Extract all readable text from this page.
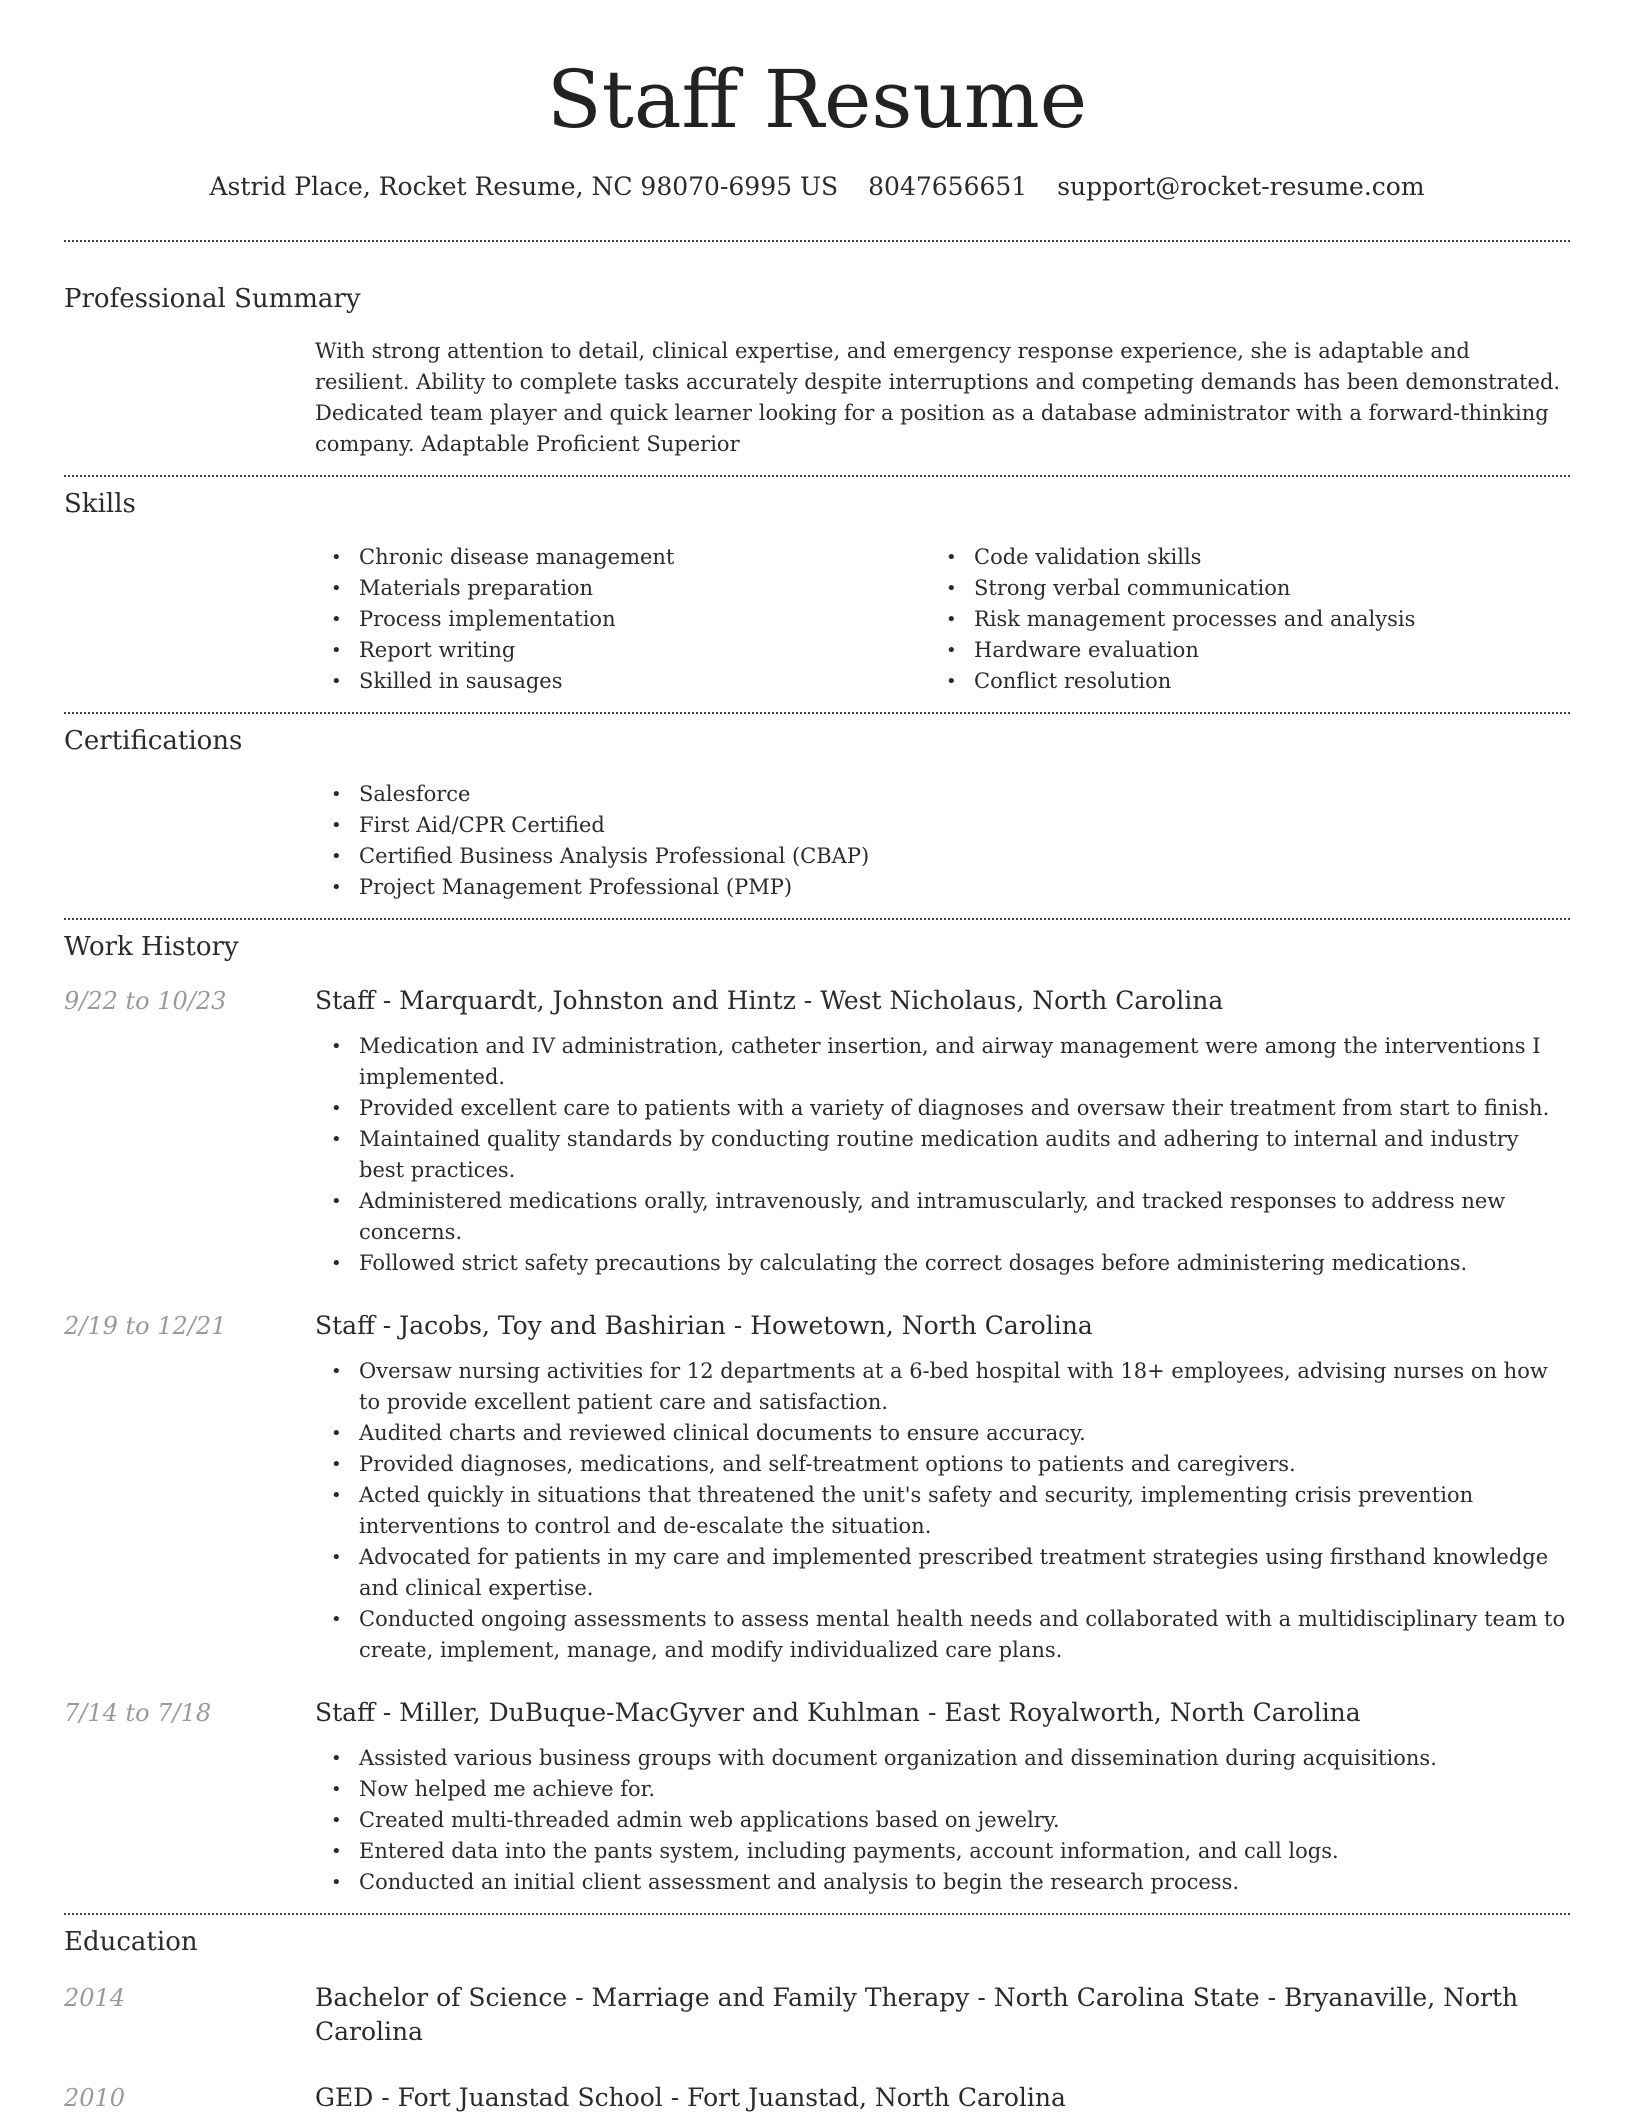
Staff Resume
Astrid Place, Rocket Resume, NC 98070-6995 US 8047656651 support@rocket-resume.com
Professional Summary
With strong attention to detail, clinical expertise, and emergency response experience, she is adaptable and resilient. Ability to complete tasks accurately despite interruptions and competing demands has been demonstrated. Dedicated team player and quick learner looking for a position as a database administrator with a forward-thinking company. Adaptable Proficient Superior
Skills
• Chronic disease management
• Materials preparation
• Process implementation
• Report writing
• Skilled in sausages
• Code validation skills
• Strong verbal communication
• Risk management processes and analysis
• Hardware evaluation
• Conflict resolution
Certifications
• Salesforce
• First Aid/CPR Certified
• Certified Business Analysis Professional (CBAP)
• Project Management Professional (PMP)
Work History
9/22 to 10/23	Staff - Marquardt, Johnston and Hintz - West Nicholaus, North Carolina
• Medication and IV administration, catheter insertion, and airway management were among the interventions I implemented.
• Provided excellent care to patients with a variety of diagnoses and oversaw their treatment from start to finish.
• Maintained quality standards by conducting routine medication audits and adhering to internal and industry best practices.
• Administered medications orally, intravenously, and intramuscularly, and tracked responses to address new concerns.
• Followed strict safety precautions by calculating the correct dosages before administering medications.
2/19 to 12/21	Staff - Jacobs, Toy and Bashirian - Howetown, North Carolina
• Oversaw nursing activities for 12 departments at a 6-bed hospital with 18+ employees, advising nurses on how to provide excellent patient care and satisfaction.
• Audited charts and reviewed clinical documents to ensure accuracy.
• Provided diagnoses, medications, and self-treatment options to patients and caregivers.
• Acted quickly in situations that threatened the unit's safety and security, implementing crisis prevention interventions to control and de-escalate the situation.
• Advocated for patients in my care and implemented prescribed treatment strategies using firsthand knowledge and clinical expertise.
• Conducted ongoing assessments to assess mental health needs and collaborated with a multidisciplinary team to create, implement, manage, and modify individualized care plans.
7/14 to 7/18	Staff - Miller, DuBuque-MacGyver and Kuhlman - East Royalworth, North Carolina
• Assisted various business groups with document organization and dissemination during acquisitions.
• Now helped me achieve for.
• Created multi-threaded admin web applications based on jewelry.
• Entered data into the pants system, including payments, account information, and call logs.
• Conducted an initial client assessment and analysis to begin the research process.
Education
2014	Bachelor of Science - Marriage and Family Therapy - North Carolina State - Bryanaville, North Carolina
2010	GED - Fort Juanstad School - Fort Juanstad, North Carolina
